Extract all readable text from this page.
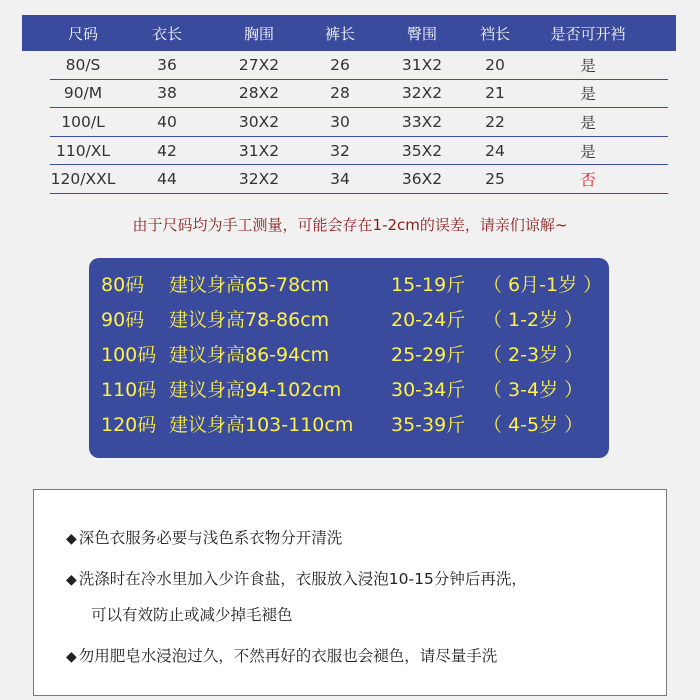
尺码	衣长	胸围	裤长	臀围	裆长	是否可开裆
80/S	36	27X2	26	31X2	20	是
90/M	38	28X2	28	32X2	21	是
100/L	40	30X2	30	33X2	22	是
110/XL	42	31X2	32	35X2	24	是
120/XXL	44	32X2	34	36X2	25	否
由于尺码均为手工测量，可能会存在1-2cm的误差，请亲们谅解~
80码 建议身高65-78cm	15-19斤 （ 6月-1岁 ）
90码 建议身高78-86cm	20-24斤 （ 1-2岁 ）
100码 建议身高86-94cm	25-29斤 （ 2-3岁 ）
110码 建议身高94-102cm	30-34斤 （ 3-4岁 ）
120码 建议身高103-110cm 35-39斤 （ 4-5岁 ）
◆ 深色衣服务必要与浅色系衣物分开清洗
◆ 洗涤时在冷水里加入少许食盐，衣服放入浸泡10-15分钟后再洗，
可以有效防止或减少掉毛褪色
◆ 勿用肥皂水浸泡过久，不然再好的衣服也会褪色，请尽量手洗
